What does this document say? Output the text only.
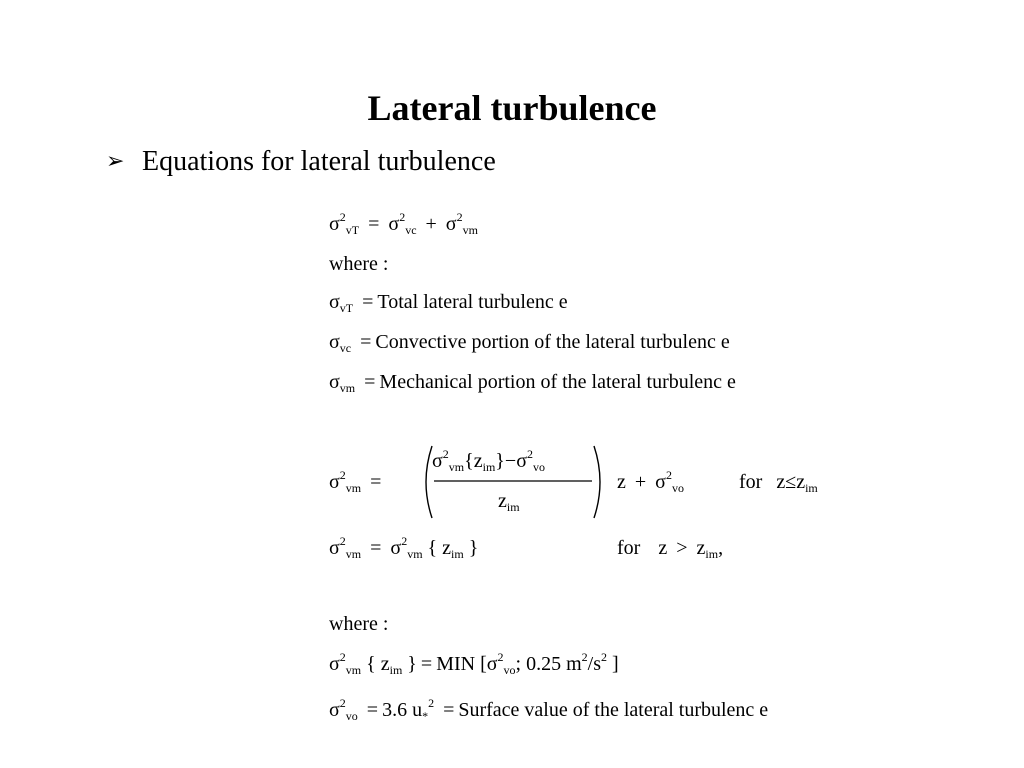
Lateral turbulence
➢ Equations for lateral turbulence
$\sigma^2_{vT} = \sigma^2_{vc} + \sigma^2_{vm}$
where :
$\sigma_{vT}$ = Total lateral turbulenc e
$\sigma_{vc}$ = Convective portion of the lateral turbulenc e
$\sigma_{vm}$ = Mechanical portion of the lateral turbulenc e
$\sigma^2_{vm}$ =
$\sigma^2_{vm}\{z_{im}\}-\sigma^2_{vo}$
$z_{im}$
$z + \sigma^2_{vo}$	for $z\le z_{im}$
$\sigma^2_{vm} = \sigma^2_{vm}$ { $z_{im}$ }	for $z > z_{im}$,
where :
$\sigma^2_{vm}$ { $z_{im}$ } = MIN [$\sigma^2_{vo}$; 0.25 $m^2/s^2$ ]
$\sigma^2_{vo} = 3.6$ $u_*^2$ = Surface value of the lateral turbulenc e
